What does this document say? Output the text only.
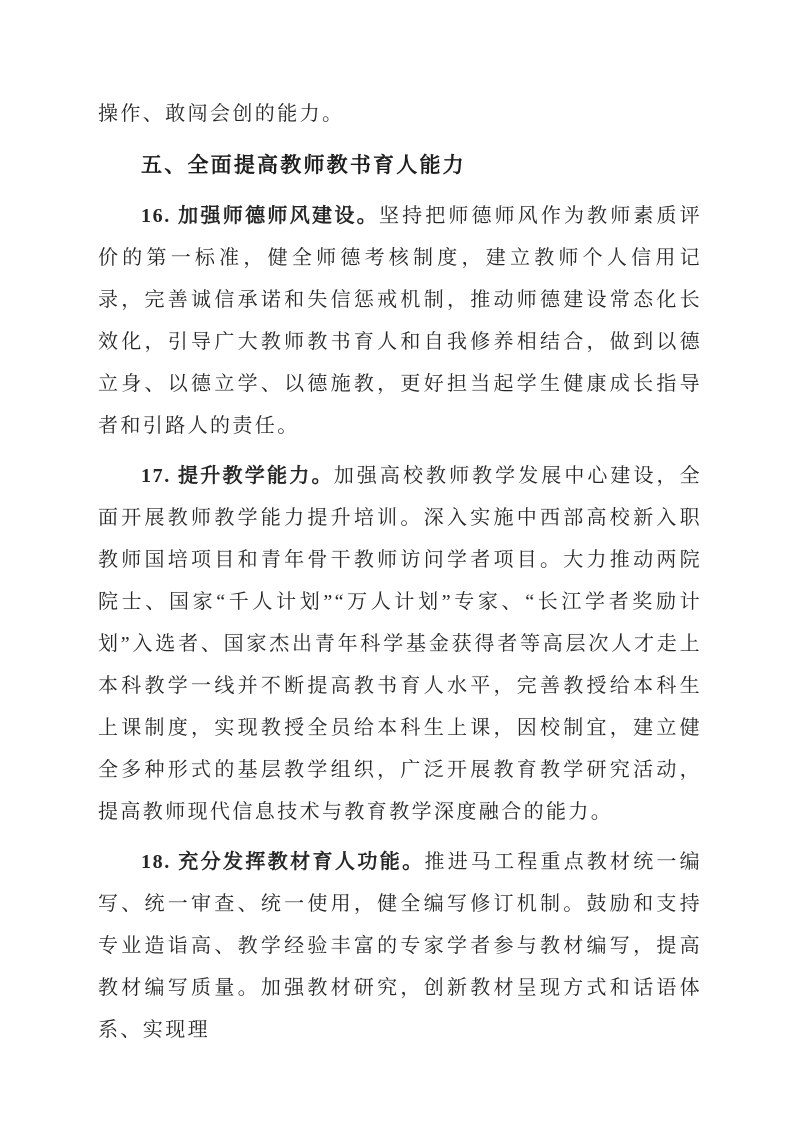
操作、敢闯会创的能力。

五、全面提高教师教书育人能力

16. 加强师德师风建设。坚持把师德师风作为教师素质评价的第一标准，健全师德考核制度，建立教师个人信用记录，完善诚信承诺和失信惩戒机制，推动师德建设常态化长效化，引导广大教师教书育人和自我修养相结合，做到以德立身、以德立学、以德施教，更好担当起学生健康成长指导者和引路人的责任。

17. 提升教学能力。加强高校教师教学发展中心建设，全面开展教师教学能力提升培训。深入实施中西部高校新入职教师国培项目和青年骨干教师访问学者项目。大力推动两院院士、国家“千人计划”“万人计划”专家、“长江学者奖励计划”入选者、国家杰出青年科学基金获得者等高层次人才走上本科教学一线并不断提高教书育人水平，完善教授给本科生上课制度，实现教授全员给本科生上课，因校制宜，建立健全多种形式的基层教学组织，广泛开展教育教学研究活动，提高教师现代信息技术与教育教学深度融合的能力。

18. 充分发挥教材育人功能。推进马工程重点教材统一编写、统一审查、统一使用，健全编写修订机制。鼓励和支持专业造诣高、教学经验丰富的专家学者参与教材编写，提高教材编写质量。加强教材研究，创新教材呈现方式和话语体系、实现理
